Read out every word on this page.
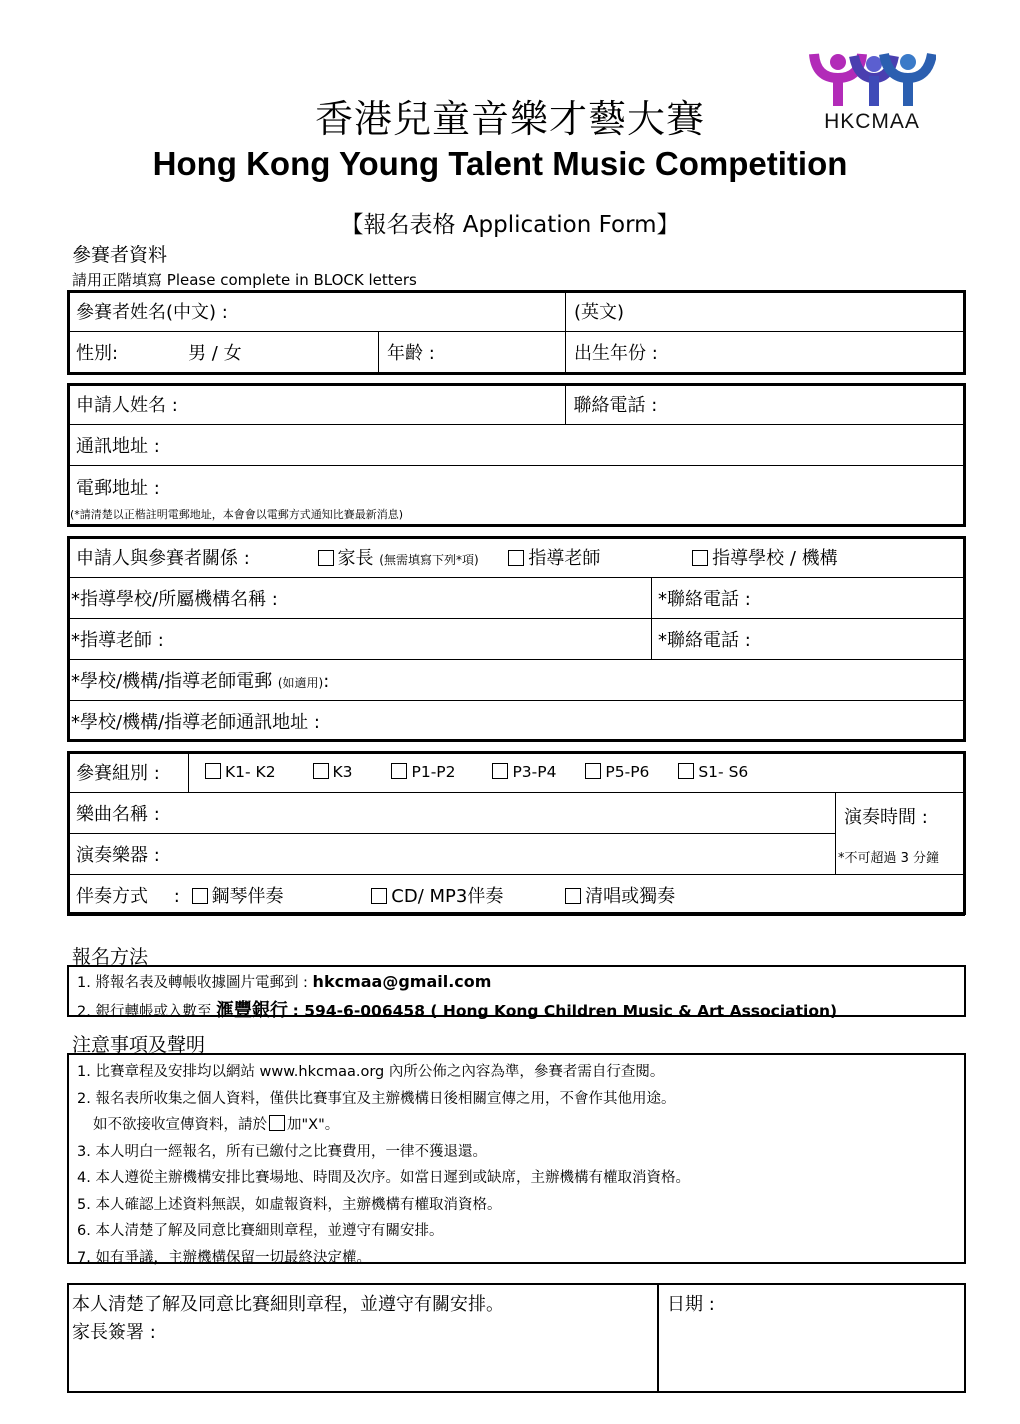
香港兒童音樂才藝大賽
Hong Kong Young Talent Music Competition
【報名表格 Application Form】
HKCMAA
參賽者資料
請用正階填寫 Please complete in BLOCK letters
參賽者姓名(中文) :		(英文)
性別: 男 / 女	年齡 :	出生年份 :
申請人姓名 :	聯絡電話 :
通訊地址 :

電郵地址 :
(*請清楚以正楷註明電郵地址，本會會以電郵方式通知比賽最新消息)
申請人與參賽者關係 : 家長 (無需填寫下列*項) 指導老師 指導學校 / 機構	
*指導學校/所屬機構名稱 :	*聯絡電話 :
*指導老師 :	*聯絡電話 :
*學校/機構/指導老師電郵 (如適用):	
*學校/機構/指導老師通訊地址 :	
參賽組別 :	K1- K2 K3 P1-P2 P3-P4 P5-P6 S1- S6	
樂曲名稱 :		演奏時間 :
*不可超過 3 分鐘

演奏樂器 :		
伴奏方式 : 鋼琴伴奏 CD/ MP3伴奏 清唱或獨奏		
報名方法
1. 將報名表及轉帳收據圖片電郵到 : hkcmaa@gmail.com
2. 銀行轉帳或入數至 滙豐銀行 : 594-6-006458 ( Hong Kong Children Music & Art Association)
注意事項及聲明
1. 比賽章程及安排均以網站 www.hkcmaa.org 內所公佈之內容為準，參賽者需自行查閱。
2. 報名表所收集之個人資料，僅供比賽事宜及主辦機構日後相關宣傳之用，不會作其他用途。
如不欲接收宣傳資料，請於 加"X"。
3. 本人明白一經報名，所有已繳付之比賽費用，一律不獲退還。
4. 本人遵從主辦機構安排比賽場地、時間及次序。如當日遲到或缺席，主辦機構有權取消資格。
5. 本人確認上述資料無誤，如虛報資料，主辦機構有權取消資格。
6. 本人清楚了解及同意比賽細則章程，並遵守有關安排。
7. 如有爭議，主辦機構保留一切最終決定權。
本人清楚了解及同意比賽細則章程，並遵守有關安排。
家長簽署 :
日期 :
